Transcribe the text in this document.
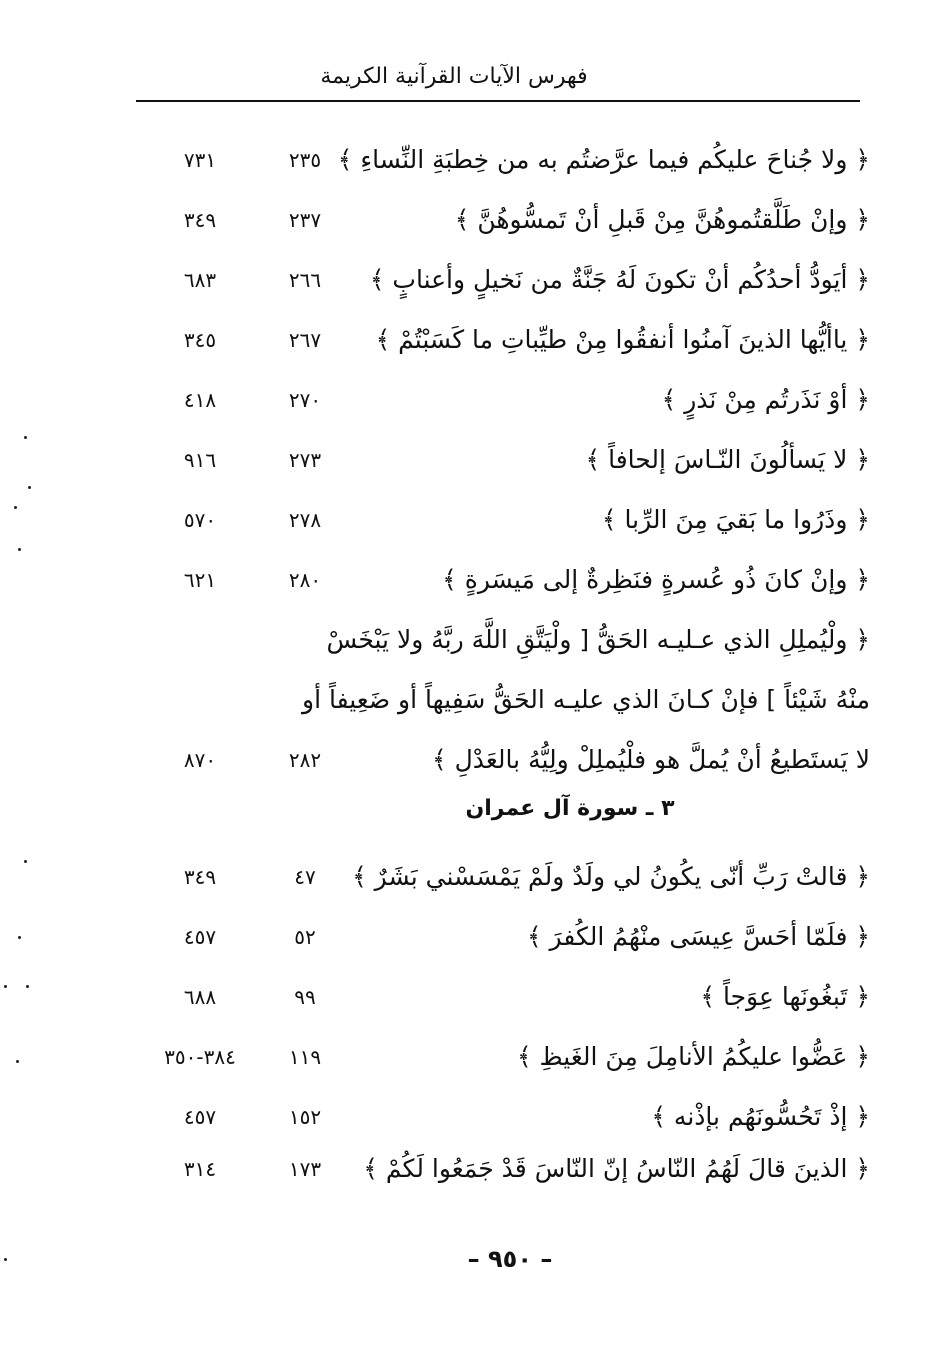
فهرس الآيات القرآنية الكريمة
﴿ ولا جُناحَ عليكُم فيما عرَّضتُم به من خِطبَةِ النِّساءِ ﴾
٢٣٥
٧٣١
﴿ وإنْ طَلَّقتُموهُنَّ مِنْ قَبلِ أنْ تَمسُّوهُنَّ ﴾
٢٣٧
٣٤٩
﴿ أيَودُّ أحدُكُم أنْ تكونَ لَهُ جَنَّةٌ من نَخيلٍ وأعنابٍ ﴾
٢٦٦
٦٨٣
﴿ ياأيُّها الذينَ آمنُوا أنفقُوا مِنْ طيِّباتِ ما كَسَبْتُمْ ﴾
٢٦٧
٣٤٥
﴿ أوْ نَذَرتُم مِنْ نَذرٍ ﴾
٢٧٠
٤١٨
﴿ لا يَسألُونَ النّـاسَ إلحافاً ﴾
٢٧٣
٩١٦
﴿ وذَرُوا ما بَقيَ مِنَ الرِّبا ﴾
٢٧٨
٥٧٠
﴿ وإنْ كانَ ذُو عُسرةٍ فنَظِرةٌ إلى مَيسَرةٍ ﴾
٢٨٠
٦٢١
﴿ ولْيُملِلِ الذي عـليـه الحَقُّ [ ولْيَتَّقِ اللَّهَ ربَّهُ ولا يَبْخَسْ
منْهُ شَيْئاً ] فإنْ كـانَ الذي عليـه الحَقُّ سَفِيهاً أو ضَعِيفاً أو
لا يَستَطيعُ أنْ يُملَّ هو فلْيُملِلْ ولِيُّهُ بالعَدْلِ ﴾
٢٨٢
٨٧٠
٣ ـ سورة آل عمران
﴿ قالتْ رَبِّ أنّى يكُونُ لي ولَدٌ ولَمْ يَمْسَسْني بَشَرٌ ﴾
٤٧
٣٤٩
﴿ فلَمّا أحَسَّ عِيسَى منْهُمُ الكُفرَ ﴾
٥٢
٤٥٧
﴿ تَبغُونَها عِوَجاً ﴾
٩٩
٦٨٨
﴿ عَضُّوا عليكُمُ الأنامِلَ مِنَ الغَيظِ ﴾
١١٩
٣٨٤-٣٥٠
﴿ إذْ تَحُسُّونَهُم بإذْنه ﴾
١٥٢
٤٥٧
﴿ الذينَ قالَ لَهُمُ النّاسُ إنّ النّاسَ قَدْ جَمَعُوا لَكُمْ ﴾
١٧٣
٣١٤
– ٩٥٠ –
